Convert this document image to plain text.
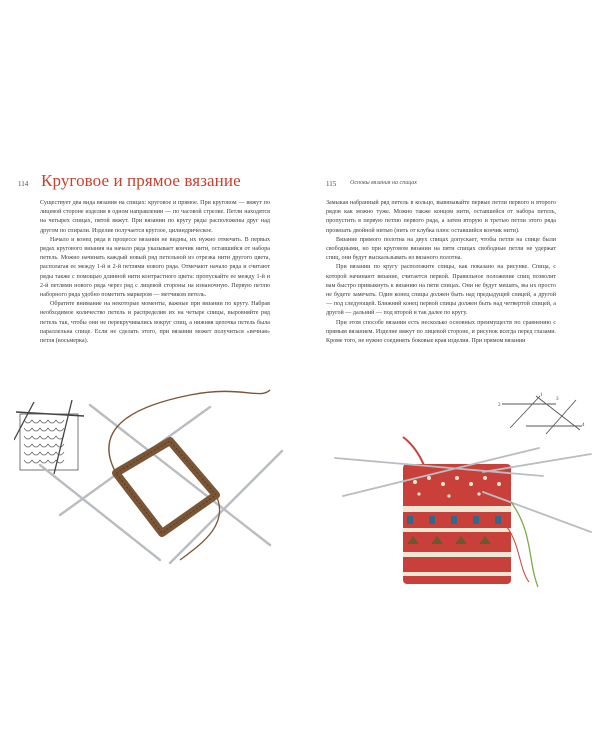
114 Круговое и прямое вязание

Существует два вида вязания на спицах: круговое и прямое. При круговом — вяжут по лицевой стороне изделия в одном направлении — по часовой стрелке. Петли находятся на четырех спицах, пятой вяжут. При вязании по кругу ряды расположены друг над другом по спирали. Изделие получается круглое, цилиндрическое.

Начало и конец ряда в процессе вязания не видны, их нужно отмечать. В первых рядах кругового вязания на начало ряда указывает кончик нити, оставшийся от набора петель. Можно начинать каждый новый ряд петельной из отрезка нити другого цвета, располагая ее между 1-й и 2-й петлями нового ряда. Отмечают начало ряда и считают ряды также с помощью длинной нити контрастного цвета: пропускайте ее между 1-й и 2-й петлями нового ряда через ряд с лицевой стороны на изнаночную. Первую петлю наборного ряда удобно пометить маркером — метчиком петель.

Обратите внимание на некоторые моменты, важные при вязании по кругу. Набрав необходимое количество петель и распределив их на четыре спицы, выровняйте ряд петель так, чтобы они не перекручивались вокруг спиц, а нижняя цепочка петель была параллельна спице. Если не сделать этого, при вязании может получиться «вечная» петля (восьмерка).

115 Основы вязания на спицах

Замыкая набранный ряд петель в кольцо, вывязывайте первые петли первого и второго рядов как можно туже. Можно также концом нити, оставшейся от набора петель, пропустить в первую петлю первого ряда, а затем вторую и третью петли этого ряда провязать двойной нитью (нить от клубка плюс оставшийся кончик нити).

Вязание прямого полотна на двух спицах допускает, чтобы петли на спице были свободными, но при круговом вязании на пяти спицах свободные петли не удержат спиц, они будут выскальзывать из вязаного полотна.

При вязании по кругу расположите спицы, как показано на рисунке. Спица, с которой начинают вязание, считается первой. Правильное положение спиц позволит вам быстро привыкнуть к вязанию на пяти спицах. Они не будут мешать, вы их просто не будете замечать. Один конец спицы должен быть над предыдущей спицей, а другой — под следующей. Ближний конец первой спицы должен быть над четвертой спицей, а другой — дальний — под второй и так далее по кругу.

При этом способе вязания есть несколько основных преимуществ по сравнению с прямым вязанием. Изделие вяжут по лицевой стороне, и рисунок всегда перед глазами. Кроме того, не нужно соединять боковые края изделия. При прямом вязании

1
2
3
4
